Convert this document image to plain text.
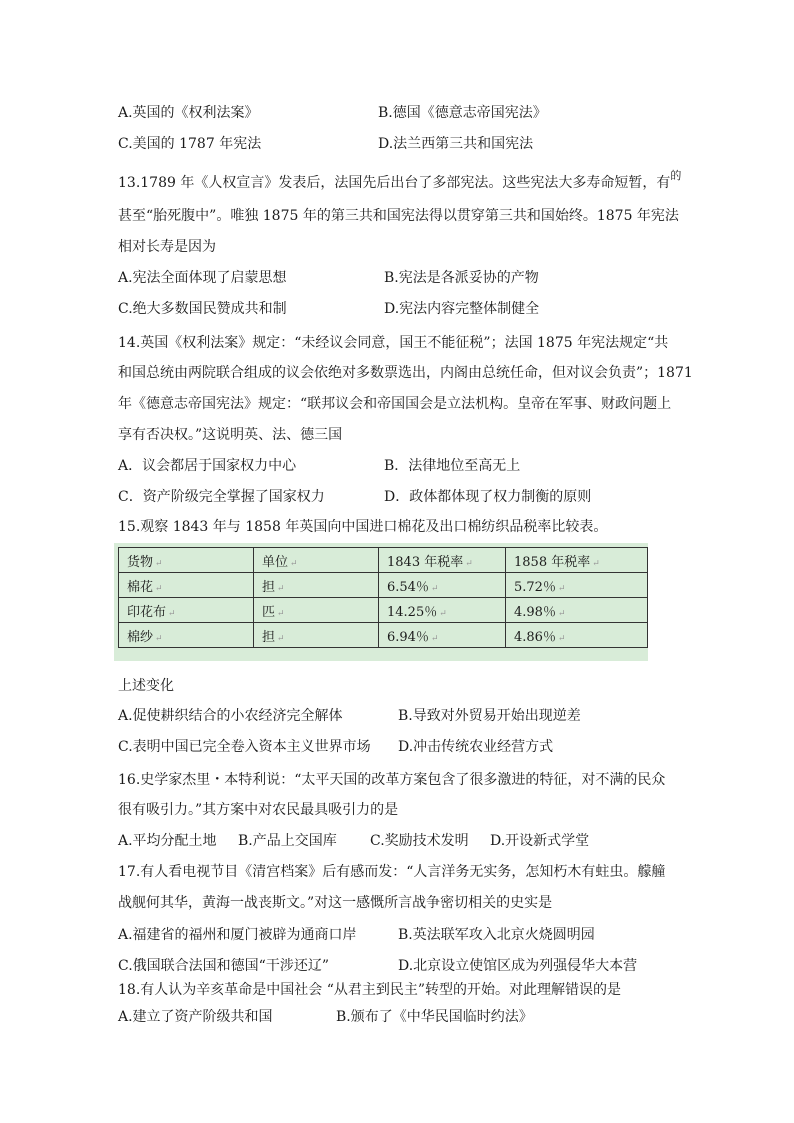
A.英国的《权利法案》	B.德国《德意志帝国宪法》
C.美国的 1787 年宪法	D.法兰西第三共和国宪法
13.1789 年《人权宣言》发表后，法国先后出台了多部宪法。这些宪法大多寿命短暂，有$^的$
甚至“胎死腹中”。唯独 1875 年的第三共和国宪法得以贯穿第三共和国始终。1875 年宪法
相对长寿是因为
A.宪法全面体现了启蒙思想	B.宪法是各派妥协的产物
C.绝大多数国民赞成共和制	D.宪法内容完整体制健全
14.英国《权利法案》规定：“未经议会同意，国王不能征税”；法国 1875 年宪法规定“共
和国总统由两院联合组成的议会依绝对多数票选出，内阁由总统任命，但对议会负责”；1871
年《德意志帝国宪法》规定：“联邦议会和帝国国会是立法机构。皇帝在军事、财政问题上
享有否决权。”这说明英、法、德三国
A．议会都居于国家权力中心	B．法律地位至高无上
C．资产阶级完全掌握了国家权力	D．政体都体现了权力制衡的原则
15.观察 1843 年与 1858 年英国向中国进口棉花及出口棉纺织品税率比较表。
货物 ↵	单位 ↵	1843 年税率 ↵	1858 年税率 ↵
棉花 ↵	担 ↵	6.54％ ↵	5.72％ ↵
印花布 ↵	匹 ↵	14.25％ ↵	4.98％ ↵
棉纱 ↵	担 ↵	6.94％ ↵	4.86％ ↵
上述变化
A.促使耕织结合的小农经济完全解体	B.导致对外贸易开始出现逆差
C.表明中国已完全卷入资本主义世界市场 D.冲击传统农业经营方式
16.史学家杰里・本特利说：“太平天国的改革方案包含了很多激进的特征，对不满的民众
很有吸引力。”其方案中对农民最具吸引力的是
A.平均分配土地 B.产品上交国库 C.奖励技术发明 D.开设新式学堂
17.有人看电视节目《清宫档案》后有感而发：“人言洋务无实务，怎知朽木有蛀虫。艨艟
战舰何其华，黄海一战丧斯文。”对这一感慨所言战争密切相关的史实是
A.福建省的福州和厦门被辟为通商口岸	B.英法联军攻入北京火烧圆明园
C.俄国联合法国和德国“干涉还辽”	D.北京设立使馆区成为列强侵华大本营
18.有人认为辛亥革命是中国社会 “从君主到民主”转型的开始。对此理解错误的是
A.建立了资产阶级共和国	B.颁布了《中华民国临时约法》
